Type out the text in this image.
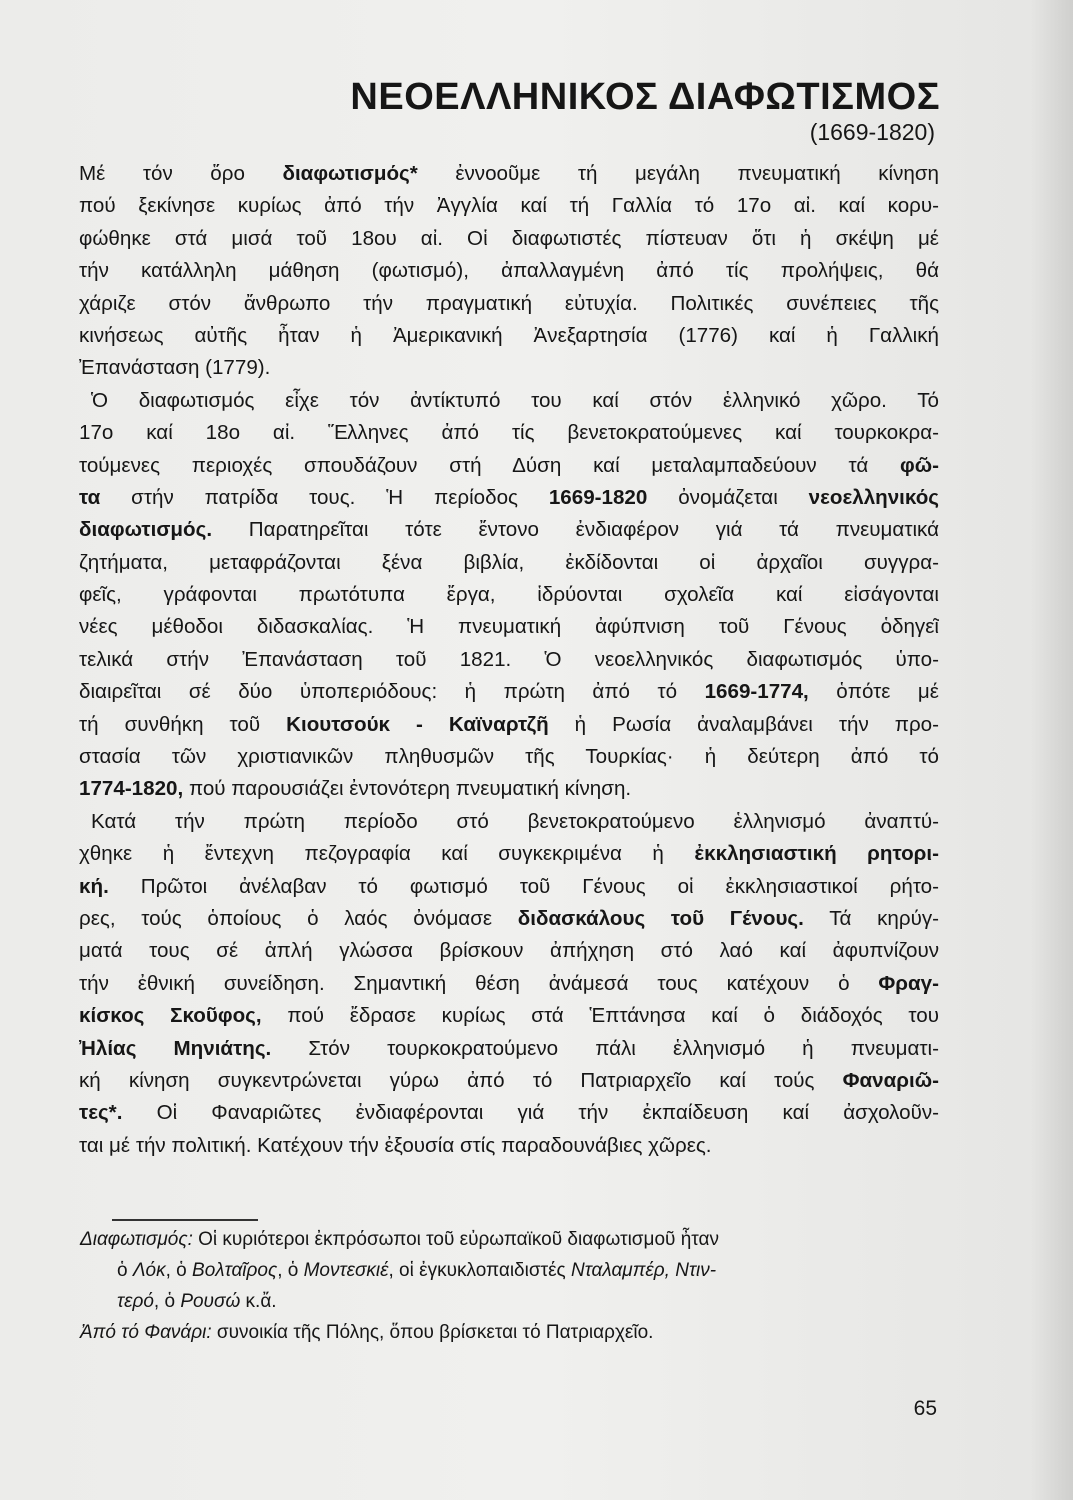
ΝΕΟΕΛΛΗΝΙΚΟΣ ΔΙΑΦΩΤΙΣΜΟΣ
(1669-1820)
Μέ τόν ὅρο διαφωτισμός* ἐννοοῦμε τή μεγάλη πνευματική κίνηση
πού ξεκίνησε κυρίως ἀπό τήν Ἀγγλία καί τή Γαλλία τό 17ο αἰ. καί κορυ-
φώθηκε στά μισά τοῦ 18ου αἰ. Οἱ διαφωτιστές πίστευαν ὅτι ἡ σκέψη μέ
τήν κατάλληλη μάθηση (φωτισμό), ἀπαλλαγμένη ἀπό τίς προλήψεις, θά
χάριζε στόν ἄνθρωπο τήν πραγματική εὐτυχία. Πολιτικές συνέπειες τῆς
κινήσεως αὐτῆς ἦταν ἡ Ἀμερικανική Ἀνεξαρτησία (1776) καί ἡ Γαλλική
Ἐπανάσταση (1779).
Ὁ διαφωτισμός εἶχε τόν ἀντίκτυπό του καί στόν ἑλληνικό χῶρο. Τό
17ο καί 18ο αἰ. Ἕλληνες ἀπό τίς βενετοκρατούμενες καί τουρκοκρα-
τούμενες περιοχές σπουδάζουν στή Δύση καί μεταλαμπαδεύουν τά φῶ-
τα στήν πατρίδα τους. Ἡ περίοδος 1669-1820 ὀνομάζεται νεοελληνικός
διαφωτισμός. Παρατηρεῖται τότε ἔντονο ἐνδιαφέρον γιά τά πνευματικά
ζητήματα, μεταφράζονται ξένα βιβλία, ἐκδίδονται οἱ ἀρχαῖοι συγγρα-
φεῖς, γράφονται πρωτότυπα ἔργα, ἱδρύονται σχολεῖα καί εἰσάγονται
νέες μέθοδοι διδασκαλίας. Ἡ πνευματική ἀφύπνιση τοῦ Γένους ὁδηγεῖ
τελικά στήν Ἐπανάσταση τοῦ 1821. Ὁ νεοελληνικός διαφωτισμός ὑπο-
διαιρεῖται σέ δύο ὑποπεριόδους: ἡ πρώτη ἀπό τό 1669-1774, ὁπότε μέ
τή συνθήκη τοῦ Κιουτσούκ - Καϊναρτζῆ ἡ Ρωσία ἀναλαμβάνει τήν προ-
στασία τῶν χριστιανικῶν πληθυσμῶν τῆς Τουρκίας· ἡ δεύτερη ἀπό τό
1774-1820, πού παρουσιάζει ἐντονότερη πνευματική κίνηση.
Κατά τήν πρώτη περίοδο στό βενετοκρατούμενο ἑλληνισμό ἀναπτύ-
χθηκε ἡ ἔντεχνη πεζογραφία καί συγκεκριμένα ἡ ἐκκλησιαστική ρητορι-
κή. Πρῶτοι ἀνέλαβαν τό φωτισμό τοῦ Γένους οἱ ἐκκλησιαστικοί ρήτο-
ρες, τούς ὁποίους ὁ λαός ὀνόμασε διδασκάλους τοῦ Γένους. Τά κηρύγ-
ματά τους σέ ἁπλή γλώσσα βρίσκουν ἀπήχηση στό λαό καί ἀφυπνίζουν
τήν ἐθνική συνείδηση. Σημαντική θέση ἀνάμεσά τους κατέχουν ὁ Φραγ-
κίσκος Σκοῦφος, πού ἔδρασε κυρίως στά Ἑπτάνησα καί ὁ διάδοχός του
Ἠλίας Μηνιάτης. Στόν τουρκοκρατούμενο πάλι ἑλληνισμό ἡ πνευματι-
κή κίνηση συγκεντρώνεται γύρω ἀπό τό Πατριαρχεῖο καί τούς Φαναριῶ-
τες*. Οἱ Φαναριῶτες ἐνδιαφέρονται γιά τήν ἐκπαίδευση καί ἀσχολοῦν-
ται μέ τήν πολιτική. Κατέχουν τήν ἐξουσία στίς παραδουνάβιες χῶρες.
Διαφωτισμός: Οἱ κυριότεροι ἐκπρόσωποι τοῦ εὐρωπαϊκοῦ διαφωτισμοῦ ἦταν
ὁ Λόκ, ὁ Βολταῖρος, ὁ Μοντεσκιέ, οἱ ἐγκυκλοπαιδιστές Νταλαμπέρ, Ντιν-
τερό, ὁ Ρουσώ κ.ἄ.
Ἀπό τό Φανάρι: συνοικία τῆς Πόλης, ὅπου βρίσκεται τό Πατριαρχεῖο.
65
